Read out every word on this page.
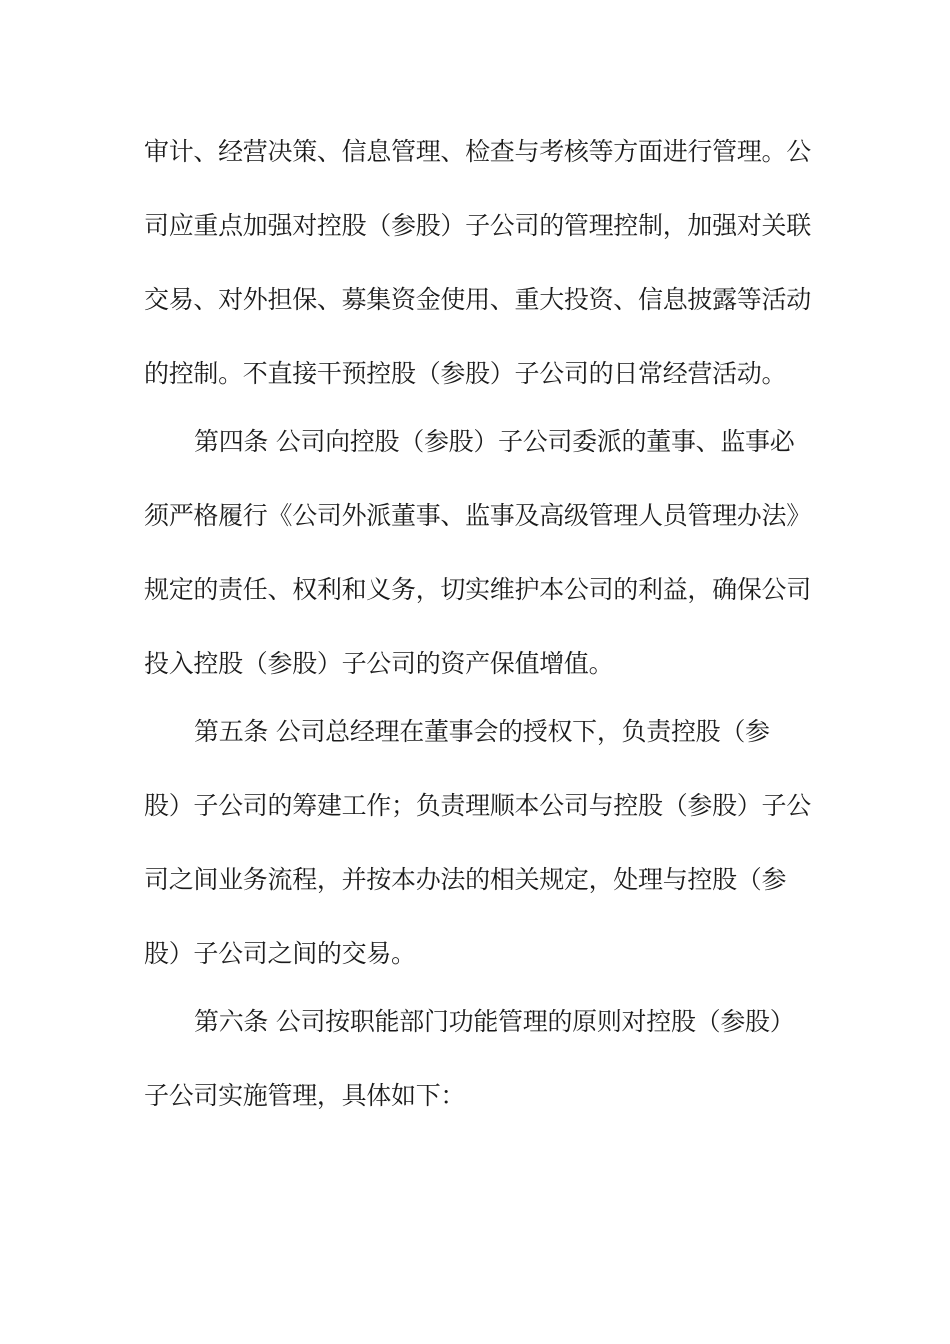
审计、经营决策、信息管理、检查与考核等方面进行管理。公
司应重点加强对控股（参股）子公司的管理控制，加强对关联
交易、对外担保、募集资金使用、重大投资、信息披露等活动
的控制。不直接干预控股（参股）子公司的日常经营活动。
第四条 公司向控股（参股）子公司委派的董事、监事必
须严格履行《公司外派董事、监事及高级管理人员管理办法》
规定的责任、权利和义务，切实维护本公司的利益，确保公司
投入控股（参股）子公司的资产保值增值。
第五条 公司总经理在董事会的授权下，负责控股（参
股）子公司的筹建工作；负责理顺本公司与控股（参股）子公
司之间业务流程，并按本办法的相关规定，处理与控股（参
股）子公司之间的交易。
第六条 公司按职能部门功能管理的原则对控股（参股）
子公司实施管理，具体如下：
